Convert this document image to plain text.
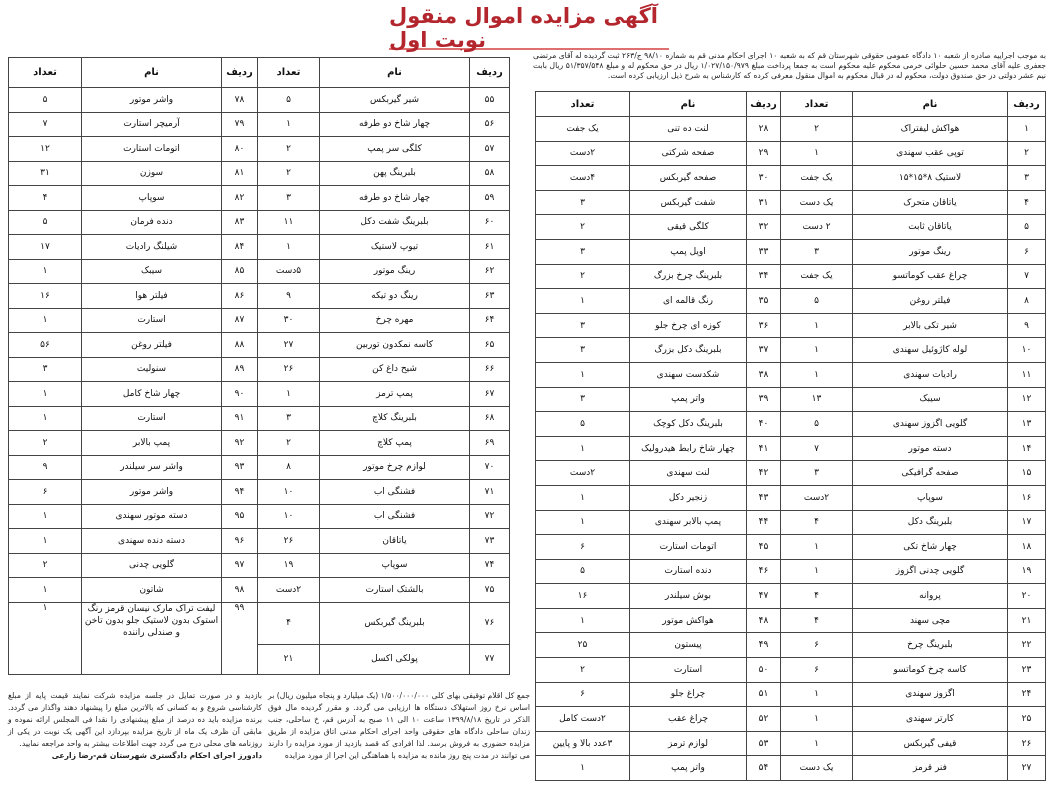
آگهی مزایده اموال منقول نوبت اول
به موجب اجراییه صادره از شعبه ۱۰ دادگاه عمومی حقوقی شهرستان قم که به شعبه ۱۰ اجرای احکام مدنی قم به شماره ۹۸/۱۰ ج/۲۶۳ ثبت گردیده له آقای مرتضی جعفری علیه آقای محمد حسین حلوائی خرمی محکوم علیه محکوم است به جمعا پرداخت مبلغ ۱/۰۲۷/۱۵۰/۹۷۹ ریال در حق محکوم له و مبلغ ۵۱/۳۵۷/۵۴۸ ریال بابت نیم عشر دولتی در حق صندوق دولت، محکوم له در قبال محکوم به اموال منقول معرفی کرده که کارشناس به شرح ذیل ارزیابی کرده است.
ردیف	نام	تعداد	ردیف	نام	تعداد
۱	هواکش لیفتراک	۲	۲۸	لنت ده تنی	یک جفت
۲	توپی عقب سهندی	۱	۲۹	صفحه شرکتی	۲دست
۳	لاستیک ۸*۱۵*۱۵	یک جفت	۳۰	صفحه گیربکس	۴دست
۴	یاتاقان متحرک	یک دست	۳۱	شفت گیربکس	۳
۵	یاتاقان ثابت	۲ دست	۳۲	کلگی قیقی	۲
۶	رینگ موتور	۳	۳۳	اویل پمپ	۳
۷	چراغ عقب کوماتسو	یک جفت	۳۴	بلبرینگ چرخ بزرگ	۲
۸	فیلتر روغن	۵	۳۵	رنگ قالمه ای	۱
۹	شیر تکی بالابر	۱	۳۶	کوزه ای چرخ جلو	۳
۱۰	لوله کاژوئیل سهندی	۱	۳۷	بلبرینگ دکل بزرگ	۳
۱۱	رادیات سهندی	۱	۳۸	شکدست سهندی	۱
۱۲	سیبک	۱۳	۳۹	واتر پمپ	۳
۱۳	گلویی اگزوز سهندی	۵	۴۰	بلبرینگ دکل کوچک	۵
۱۴	دسته موتور	۷	۴۱	چهار شاخ رابط هیدرولیک	۱
۱۵	صفحه گرافیکی	۳	۴۲	لنت سهندی	۲دست
۱۶	سوپاپ	۲دست	۴۳	زنجیر دکل	۱
۱۷	بلبرینگ دکل	۴	۴۴	پمپ بالابر سهندی	۱
۱۸	چهار شاخ تکی	۱	۴۵	اتومات استارت	۶
۱۹	گلویی چدنی اگزوز	۱	۴۶	دنده استارت	۵
۲۰	پروانه	۴	۴۷	بوش سیلندر	۱۶
۲۱	مچی سهند	۴	۴۸	هواکش موتور	۱
۲۲	بلبرینگ چرخ	۶	۴۹	پیستون	۲۵
۲۳	کاسه چرخ کوماتسو	۶	۵۰	استارت	۲
۲۴	اگزوز سهندی	۱	۵۱	چراغ جلو	۶
۲۵	کارتر سهندی	۱	۵۲	چراغ عقب	۲دست کامل
۲۶	قیفی گیربکس	۱	۵۳	لوازم ترمز	۳عدد بالا و پایین
۲۷	فنر قرمز	یک دست	۵۴	واتر پمپ	۱
ردیف	نام	تعداد	ردیف	نام	تعداد
۵۵	شیر گیربکس	۵	۷۸	واشر موتور	۵
۵۶	چهار شاخ دو طرفه	۱	۷۹	آرمیچر استارت	۷
۵۷	کلگی سر پمپ	۲	۸۰	اتومات استارت	۱۲
۵۸	بلبرینگ پهن	۲	۸۱	سوزن	۳۱
۵۹	چهار شاخ دو طرفه	۳	۸۲	سوپاپ	۴
۶۰	بلبرینگ شفت دکل	۱۱	۸۳	دنده فرمان	۵
۶۱	تیوپ لاستیک	۱	۸۴	شیلنگ رادیات	۱۷
۶۲	رینگ موتور	۵دست	۸۵	سیبک	۱
۶۳	رینگ دو تیکه	۹	۸۶	فیلتر هوا	۱۶
۶۴	مهره چرخ	۳۰	۸۷	استارت	۱
۶۵	کاسه نمکدون توربین	۲۷	۸۸	فیلتر روغن	۵۶
۶۶	شیح داغ کن	۲۶	۸۹	سنولیت	۳
۶۷	پمپ ترمز	۱	۹۰	چهار شاخ کامل	۱
۶۸	بلبرینگ کلاچ	۳	۹۱	استارت	۱
۶۹	پمپ کلاچ	۲	۹۲	پمپ بالابر	۲
۷۰	لوازم چرخ موتور	۸	۹۳	واشر سر سیلندر	۹
۷۱	فشنگی اب	۱۰	۹۴	واشر موتور	۶
۷۲	فشنگی اب	۱۰	۹۵	دسته موتور سهندی	۱
۷۳	یاتاقان	۲۶	۹۶	دسته دنده سهندی	۱
۷۴	سوپاپ	۱۹	۹۷	گلویی چدنی	۲
۷۵	بالشتک استارت	۲دست	۹۸	شاتون	۱
۷۶	بلبرینگ گیربکس	۴	۹۹	لیفت تراک مارک نیسان قرمز رنگ استوک بدون لاستیک جلو بدون تاخن و صندلی راننده	۱
۷۷	پولکی اکسل	۲۱			
جمع کل اقلام توقیفی بهای کلی ۱/۵۰۰/۰۰۰/۰۰۰ (یک میلیارد و پنجاه میلیون ریال) بر اساس نرخ روز استهلاک دستگاه ها ارزیابی می گردد. و مقرر گردیده مال فوق الذکر در تاریخ ۱۳۹۹/۸/۱۸ ساعت ۱۰ الی ۱۱ صبح به آدرس قم، خ ساحلی، جنب زندان ساحلی دادگاه های حقوقی واحد اجرای احکام مدنی اتاق مزایده از طریق مزایده حضوری به فروش برسد. لذا افرادی که قصد بازدید از مورد مزایده را دارند می توانند در مدت پنج روز مانده به مزایده با هماهنگی این اجرا از مورد مزایده
بازدید و در صورت تمایل در جلسه مزایده شرکت نمایند قیمت پایه از مبلغ کارشناسی شروع و به کسانی که بالاترین مبلغ را پیشنهاد دهند واگذار می گردد. برنده مزایده باید ده درصد از مبلغ پیشنهادی را نقدا فی المجلس ارائه نموده و مابقی آن ظرف یک ماه از تاریخ مزایده بپردازد این آگهی یک نوبت در یکی از روزنامه های محلی درج می گردد جهت اطلاعات بیشتر به واحد مراجعه نمایید.
دادورز اجرای احکام دادگستری شهرستان قم-رضا زارعی
